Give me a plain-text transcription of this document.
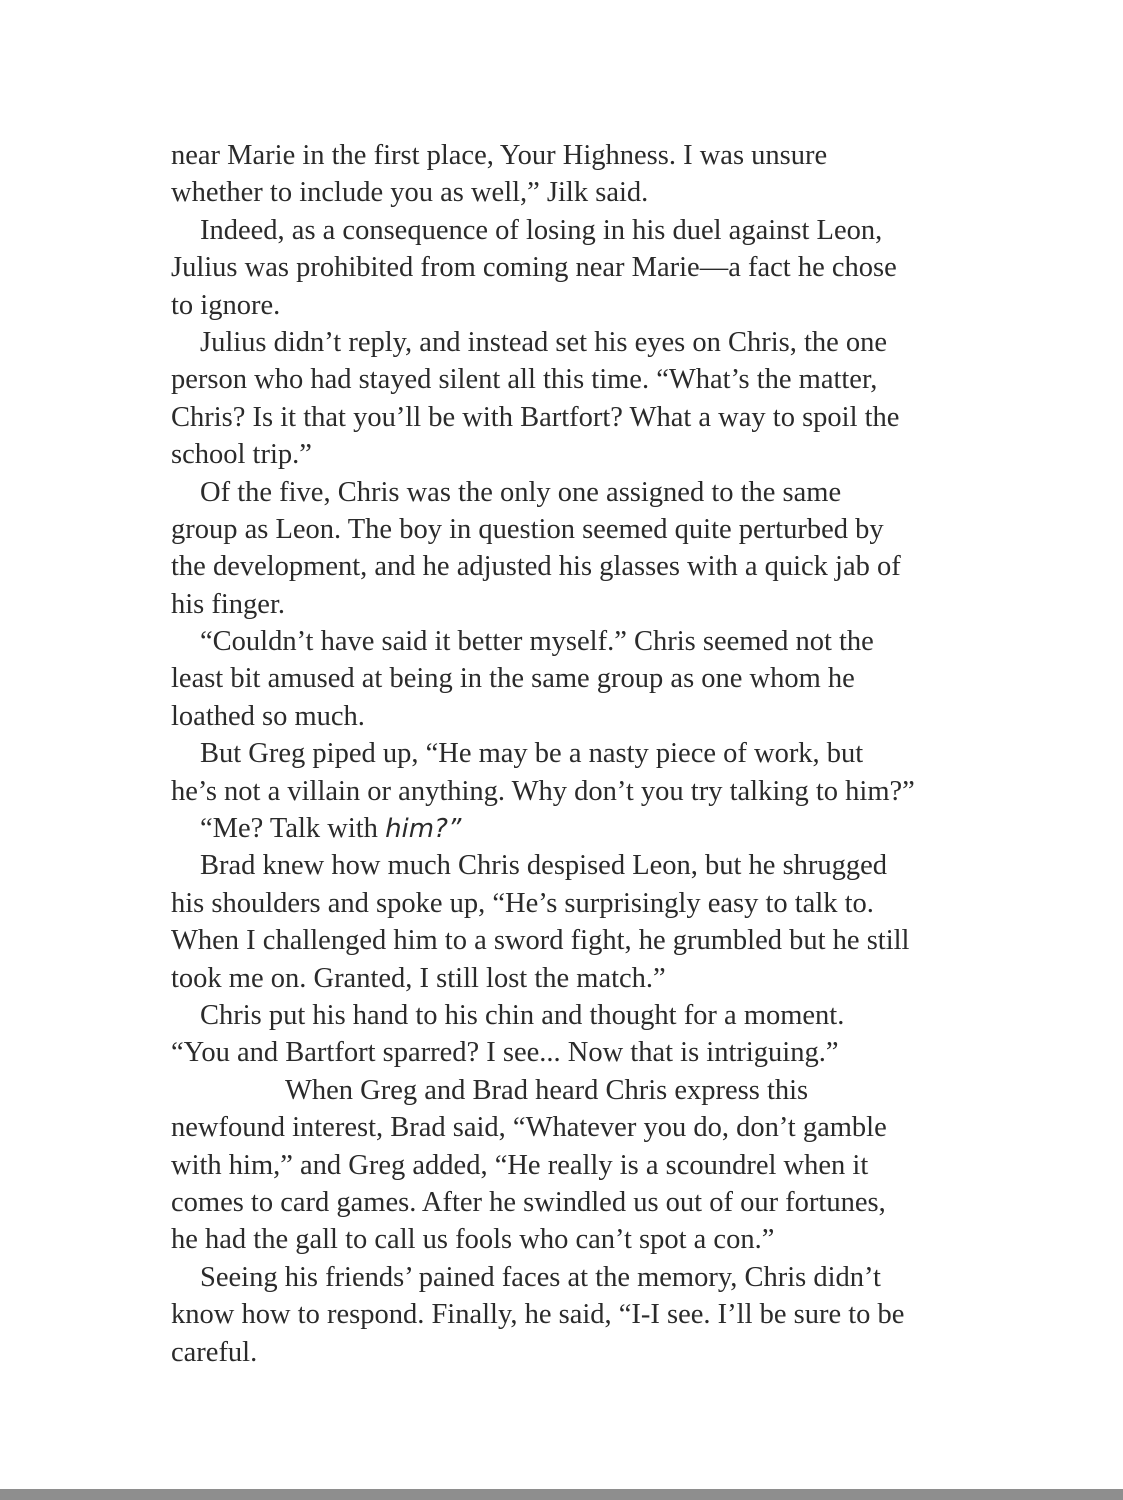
near Marie in the first place, Your Highness. I was unsure
whether to include you as well,” Jilk said.
Indeed, as a consequence of losing in his duel against Leon,
Julius was prohibited from coming near Marie—a fact he chose
to ignore.
Julius didn’t reply, and instead set his eyes on Chris, the one
person who had stayed silent all this time. “What’s the matter,
Chris? Is it that you’ll be with Bartfort? What a way to spoil the
school trip.”
Of the five, Chris was the only one assigned to the same
group as Leon. The boy in question seemed quite perturbed by
the development, and he adjusted his glasses with a quick jab of
his finger.
“Couldn’t have said it better myself.” Chris seemed not the
least bit amused at being in the same group as one whom he
loathed so much.
But Greg piped up, “He may be a nasty piece of work, but
he’s not a villain or anything. Why don’t you try talking to him?”
“Me? Talk with him?”
Brad knew how much Chris despised Leon, but he shrugged
his shoulders and spoke up, “He’s surprisingly easy to talk to.
When I challenged him to a sword fight, he grumbled but he still
took me on. Granted, I still lost the match.”
Chris put his hand to his chin and thought for a moment.
“You and Bartfort sparred? I see... Now that is intriguing.”
When Greg and Brad heard Chris express this
newfound interest, Brad said, “Whatever you do, don’t gamble
with him,” and Greg added, “He really is a scoundrel when it
comes to card games. After he swindled us out of our fortunes,
he had the gall to call us fools who can’t spot a con.”
Seeing his friends’ pained faces at the memory, Chris didn’t
know how to respond. Finally, he said, “I-I see. I’ll be sure to be
careful.
